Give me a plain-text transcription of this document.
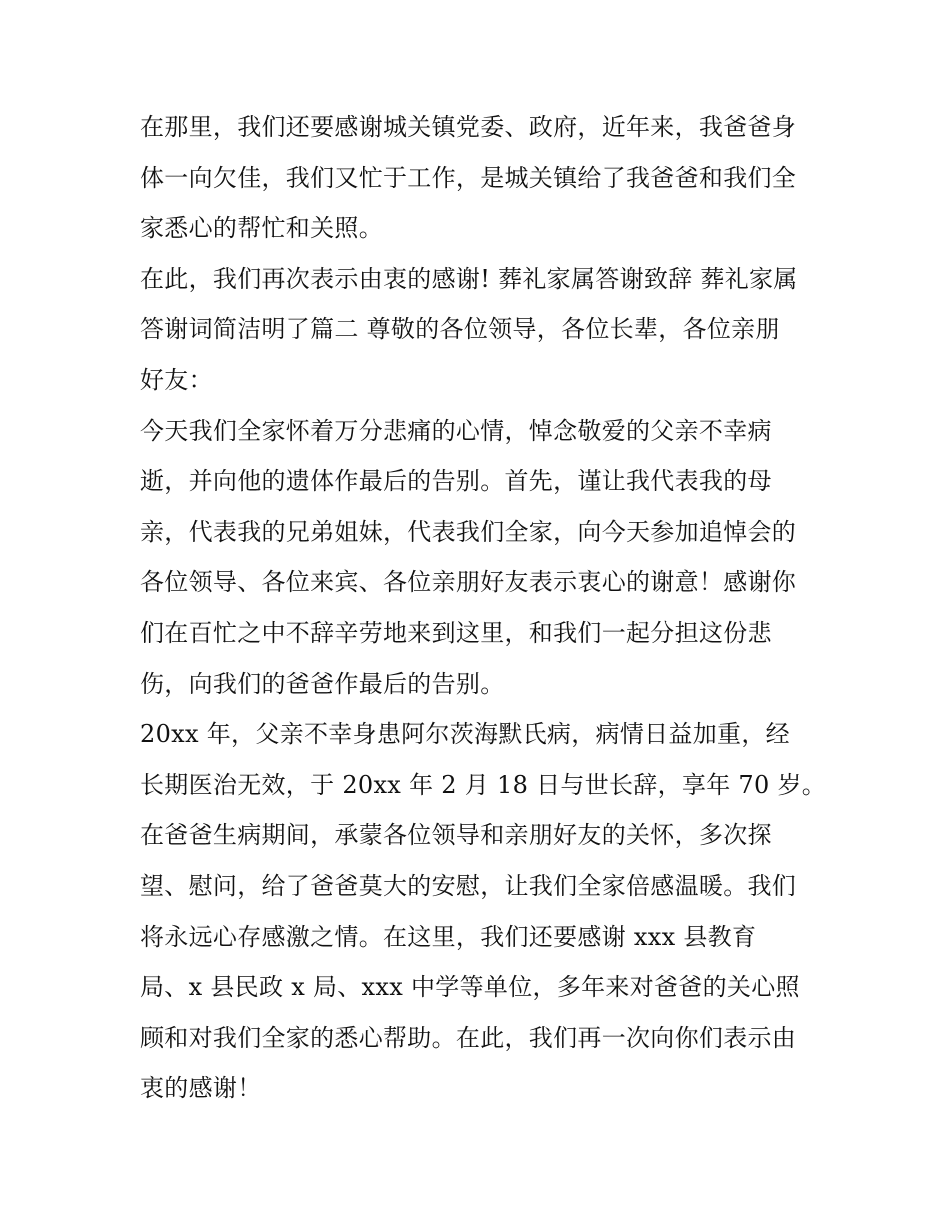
在那里，我们还要感谢城关镇党委、政府，近年来，我爸爸身
体一向欠佳，我们又忙于工作，是城关镇给了我爸爸和我们全
家悉心的帮忙和关照。
在此，我们再次表示由衷的感谢! 葬礼家属答谢致辞 葬礼家属
答谢词简洁明了篇二 尊敬的各位领导，各位长辈，各位亲朋
好友：
今天我们全家怀着万分悲痛的心情，悼念敬爱的父亲不幸病
逝，并向他的遗体作最后的告别。首先，谨让我代表我的母
亲，代表我的兄弟姐妹，代表我们全家，向今天参加追悼会的
各位领导、各位来宾、各位亲朋好友表示衷心的谢意！感谢你
们在百忙之中不辞辛劳地来到这里，和我们一起分担这份悲
伤，向我们的爸爸作最后的告别。
20xx 年，父亲不幸身患阿尔茨海默氏病，病情日益加重，经
长期医治无效，于 20xx 年 2 月 18 日与世长辞，享年 70 岁。
在爸爸生病期间，承蒙各位领导和亲朋好友的关怀，多次探
望、慰问，给了爸爸莫大的安慰，让我们全家倍感温暖。我们
将永远心存感激之情。在这里，我们还要感谢 xxx 县教育
局、x 县民政 x 局、xxx 中学等单位，多年来对爸爸的关心照
顾和对我们全家的悉心帮助。在此，我们再一次向你们表示由
衷的感谢！
